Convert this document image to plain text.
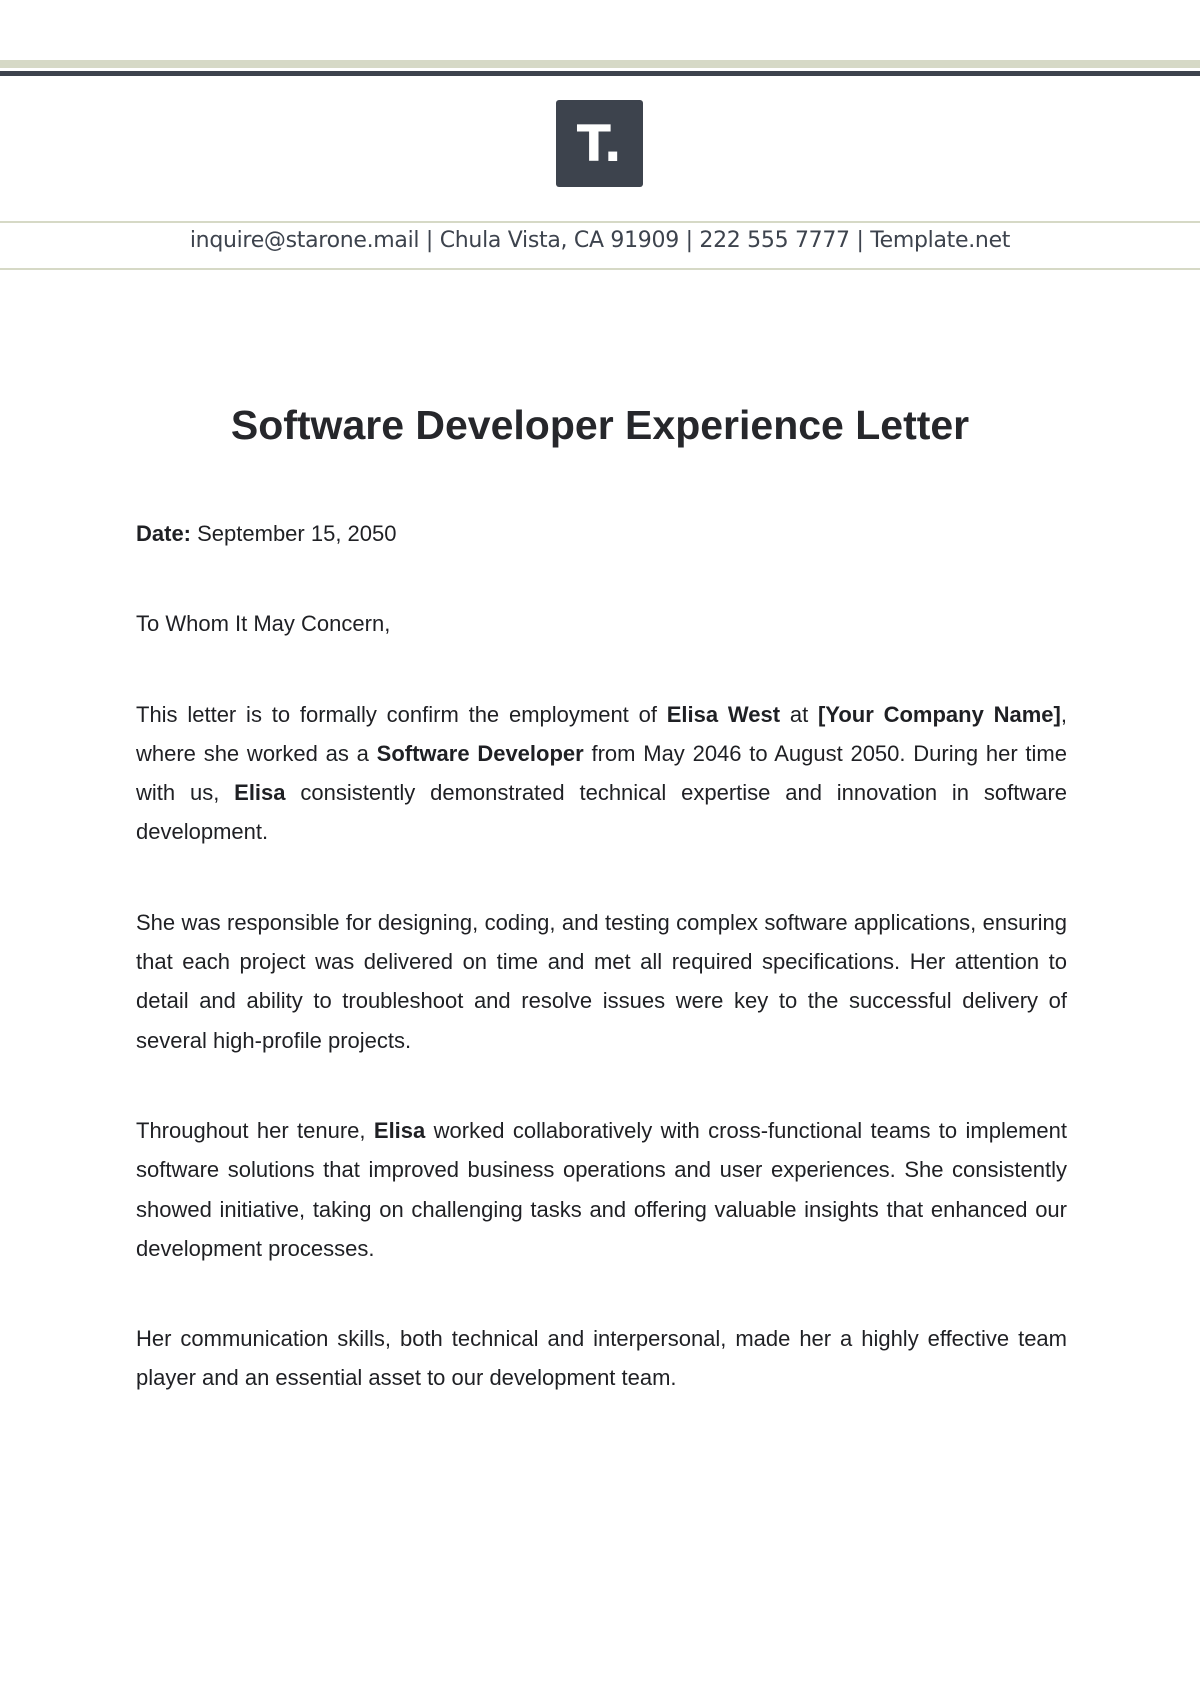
T.
inquire@starone.mail | Chula Vista, CA 91909 | 222 555 7777 | Template.net
Software Developer Experience Letter

Date: September 15, 2050

To Whom It May Concern,

This letter is to formally confirm the employment of Elisa West at [Your Company Name], where she worked as a Software Developer from May 2046 to August 2050. During her time with us, Elisa consistently demonstrated technical expertise and innovation in software development.

She was responsible for designing, coding, and testing complex software applications, ensuring that each project was delivered on time and met all required specifications. Her attention to detail and ability to troubleshoot and resolve issues were key to the successful delivery of several high-profile projects.

Throughout her tenure, Elisa worked collaboratively with cross-functional teams to implement software solutions that improved business operations and user experiences. She consistently showed initiative, taking on challenging tasks and offering valuable insights that enhanced our development processes.

Her communication skills, both technical and interpersonal, made her a highly effective team player and an essential asset to our development team.
